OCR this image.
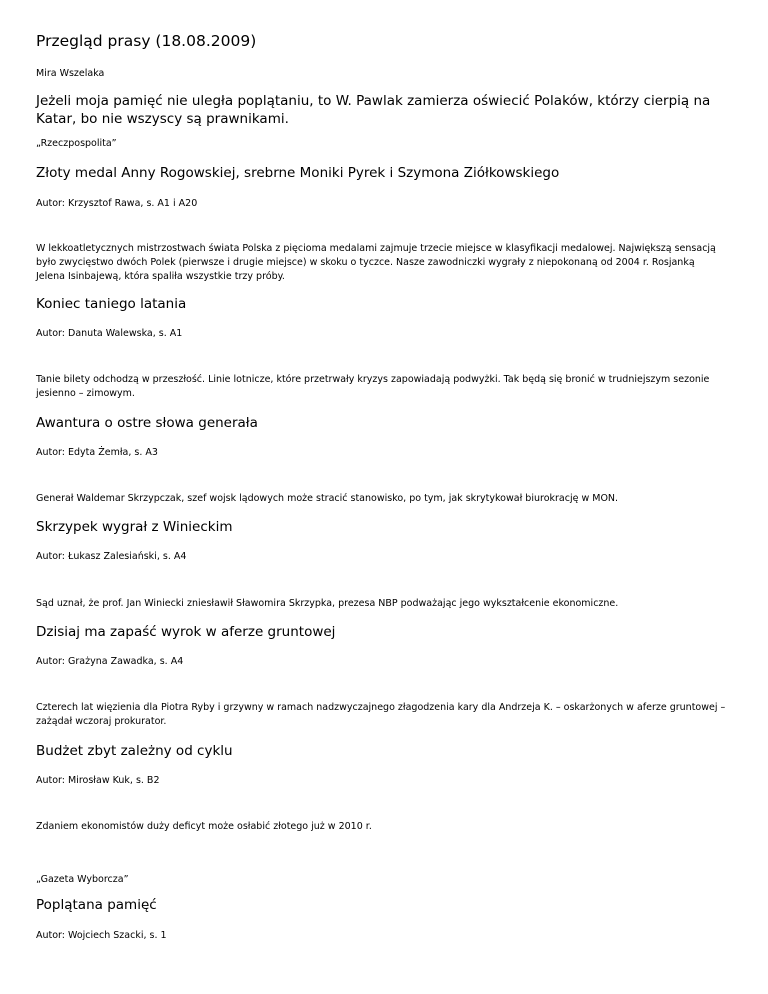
Przegląd prasy (18.08.2009)
Mira Wszelaka
Jeżeli moja pamięć nie uległa poplątaniu, to W. Pawlak zamierza oświecić Polaków, którzy cierpią na Katar, bo nie wszyscy są prawnikami.
„Rzeczpospolita”
Złoty medal Anny Rogowskiej, srebrne Moniki Pyrek i Szymona Ziółkowskiego
Autor: Krzysztof Rawa, s. A1 i A20
W lekkoatletycznych mistrzostwach świata Polska z pięcioma medalami zajmuje trzecie miejsce w klasyfikacji medalowej. Największą sensacją było zwycięstwo dwóch Polek (pierwsze i drugie miejsce) w skoku o tyczce. Nasze zawodniczki wygrały z niepokonaną od 2004 r. Rosjanką Jelena Isinbajewą, która spaliła wszystkie trzy próby.
Koniec taniego latania
Autor: Danuta Walewska, s. A1
Tanie bilety odchodzą w przeszłość. Linie lotnicze, które przetrwały kryzys zapowiadają podwyżki. Tak będą się bronić w trudniejszym sezonie jesienno – zimowym.
Awantura o ostre słowa generała
Autor: Edyta Żemła, s. A3
Generał Waldemar Skrzypczak, szef wojsk lądowych może stracić stanowisko, po tym, jak skrytykował biurokrację w MON.
Skrzypek wygrał z Winieckim
Autor: Łukasz Zalesiański, s. A4
Sąd uznał, że prof. Jan Winiecki zniesławił Sławomira Skrzypka, prezesa NBP podważając jego wykształcenie ekonomiczne.
Dzisiaj ma zapaść wyrok w aferze gruntowej
Autor: Grażyna Zawadka, s. A4
Czterech lat więzienia dla Piotra Ryby i grzywny w ramach nadzwyczajnego złagodzenia kary dla Andrzeja K. – oskarżonych w aferze gruntowej – zażądał wczoraj prokurator.
Budżet zbyt zależny od cyklu
Autor: Mirosław Kuk, s. B2
Zdaniem ekonomistów duży deficyt może osłabić złotego już w 2010 r.
„Gazeta Wyborcza”
Poplątana pamięć
Autor: Wojciech Szacki, s. 1
